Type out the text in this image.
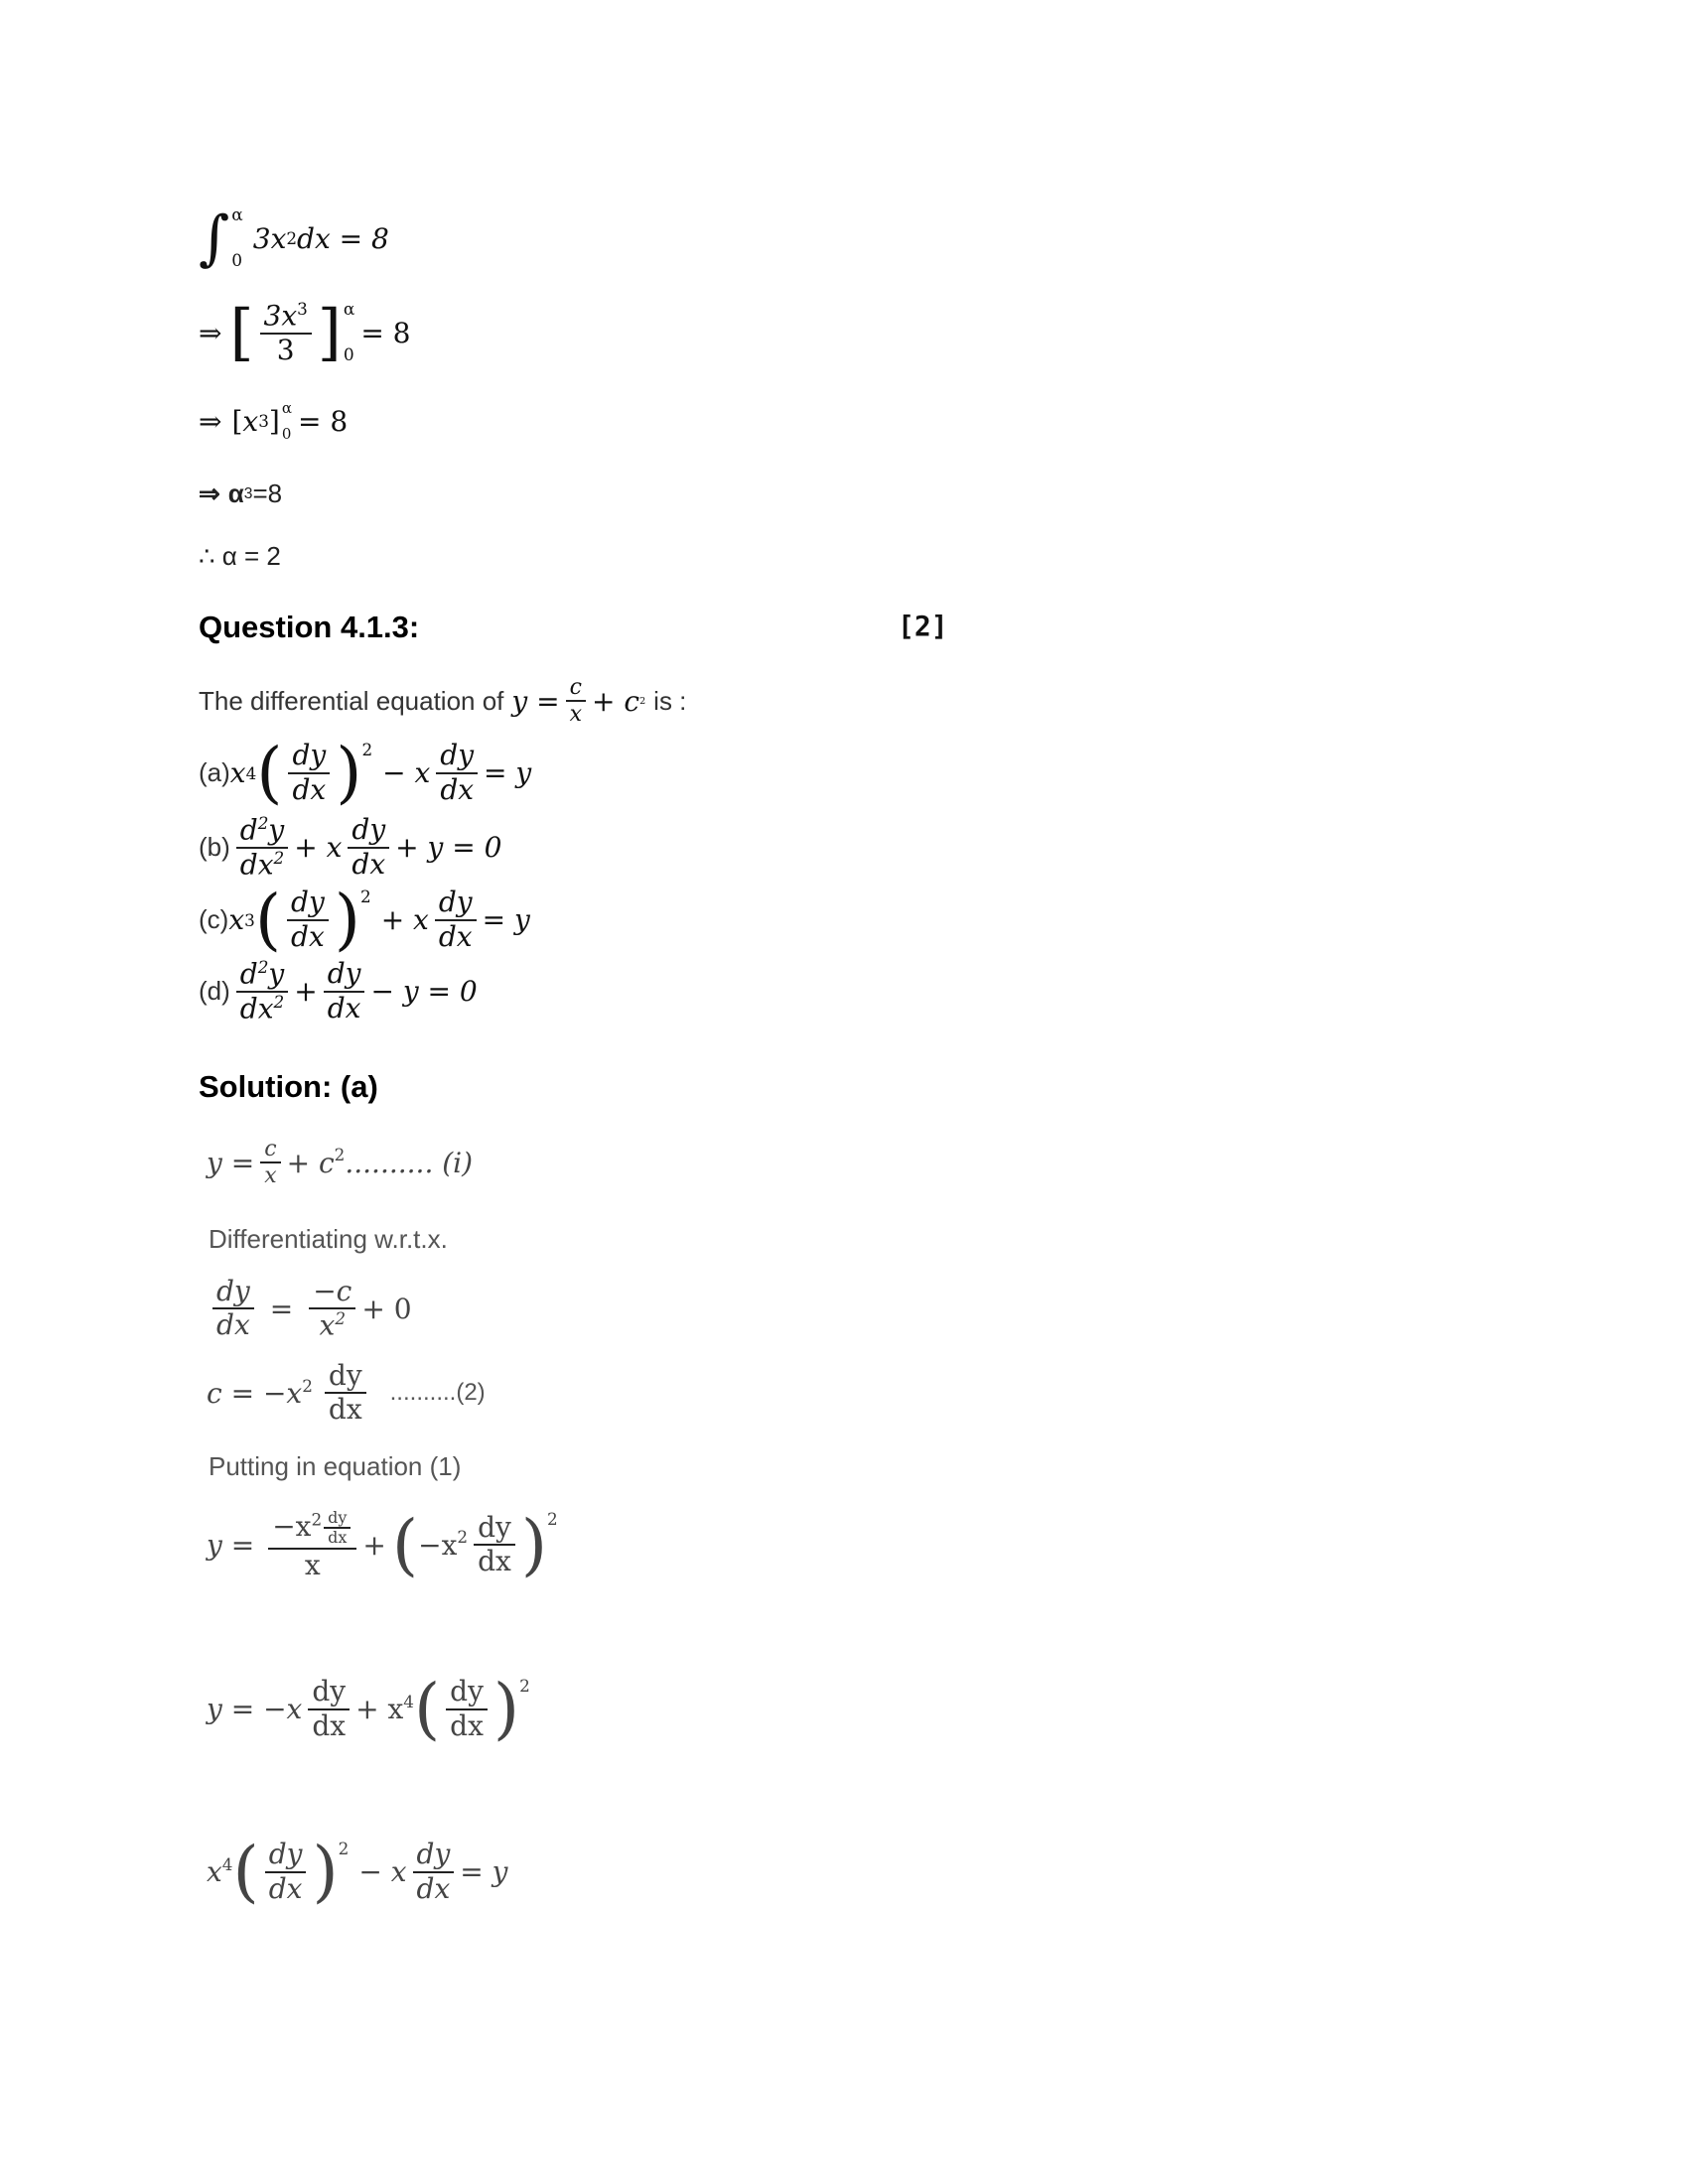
∫ α
0
3x 2 dx = 8
⇒ [ $\frac{3x^3}{3}$ ] α
0
= 8
⇒ [ x 3 ] α
0 = 8
⇒ α 3 =8
∴ α = 2
Question 4.1.3:	[2]
The differential equation of $y = \frac{c}{x} + c$ 2 is :
(a) x 4 ( $\frac{dy}{dx}$ ) 2
− x $\frac{dy}{dx} = y$
$(b) \frac{d^2y}{dx^2} + x \frac{dy}{dx} + y = 0$
(c) x 3 ( $\frac{dy}{dx}$ ) 2
+ x $\frac{dy}{dx} = y$
$(d) \frac{d^2y}{dx^2} + \frac{dy}{dx} - y = 0$
Solution: (a)
$y = \frac{c}{x} + c$ 2 .......... (i)
Differentiating w.r.t.x.
$\frac{dy}{dx} = \frac{-c}{x^2} + 0$
c = −x $2 \frac{dy}{dx} ..........(2)$
Putting in equation (1)
$y = \frac{-x^2 \frac{dy}{dx}}{x}$ + ( −x $2 \frac{dy}{dx}$ ) 2
$y = -x \frac{dy}{dx} + x$ 4 ( $\frac{dy}{dx}$ ) 2
x 4 ( $\frac{dy}{dx}$ ) 2
− x $\frac{dy}{dx} = y$
